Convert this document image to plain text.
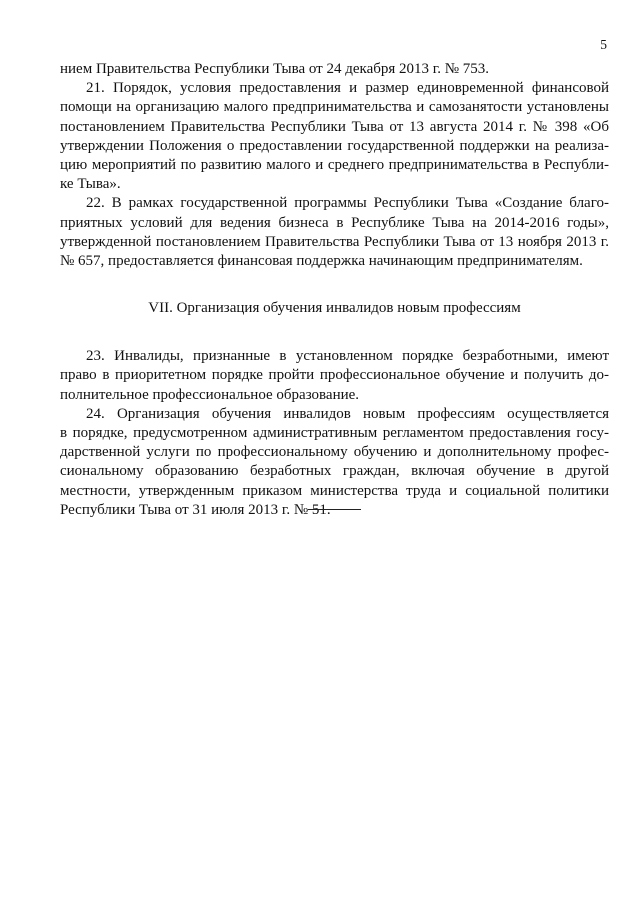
5
нием Правительства Республики Тыва от 24 декабря 2013 г. № 753.
21. Порядок, условия предоставления и размер единовременной финансовой
помощи на организацию малого предпринимательства и самозанятости установлены
постановлением Правительства Республики Тыва от 13 августа 2014 г. № 398 «Об
утверждении Положения о предоставлении государственной поддержки на реализа-
цию мероприятий по развитию малого и среднего предпринимательства в Республи-
ке Тыва».
22. В рамках государственной программы Республики Тыва «Создание благо-
приятных условий для ведения бизнеса в Республике Тыва на 2014-2016 годы»,
утвержденной постановлением Правительства Республики Тыва от 13 ноября 2013 г.
№ 657, предоставляется финансовая поддержка начинающим предпринимателям.
VII. Организация обучения инвалидов новым профессиям
23. Инвалиды, признанные в установленном порядке безработными, имеют
право в приоритетном порядке пройти профессиональное обучение и получить до-
полнительное профессиональное образование.
24. Организация обучения инвалидов новым профессиям осуществляется
в порядке, предусмотренном административным регламентом предоставления госу-
дарственной услуги по профессиональному обучению и дополнительному профес-
сиональному образованию безработных граждан, включая обучение в другой
местности, утвержденным приказом министерства труда и социальной политики
Республики Тыва от 31 июля 2013 г. № 51.
